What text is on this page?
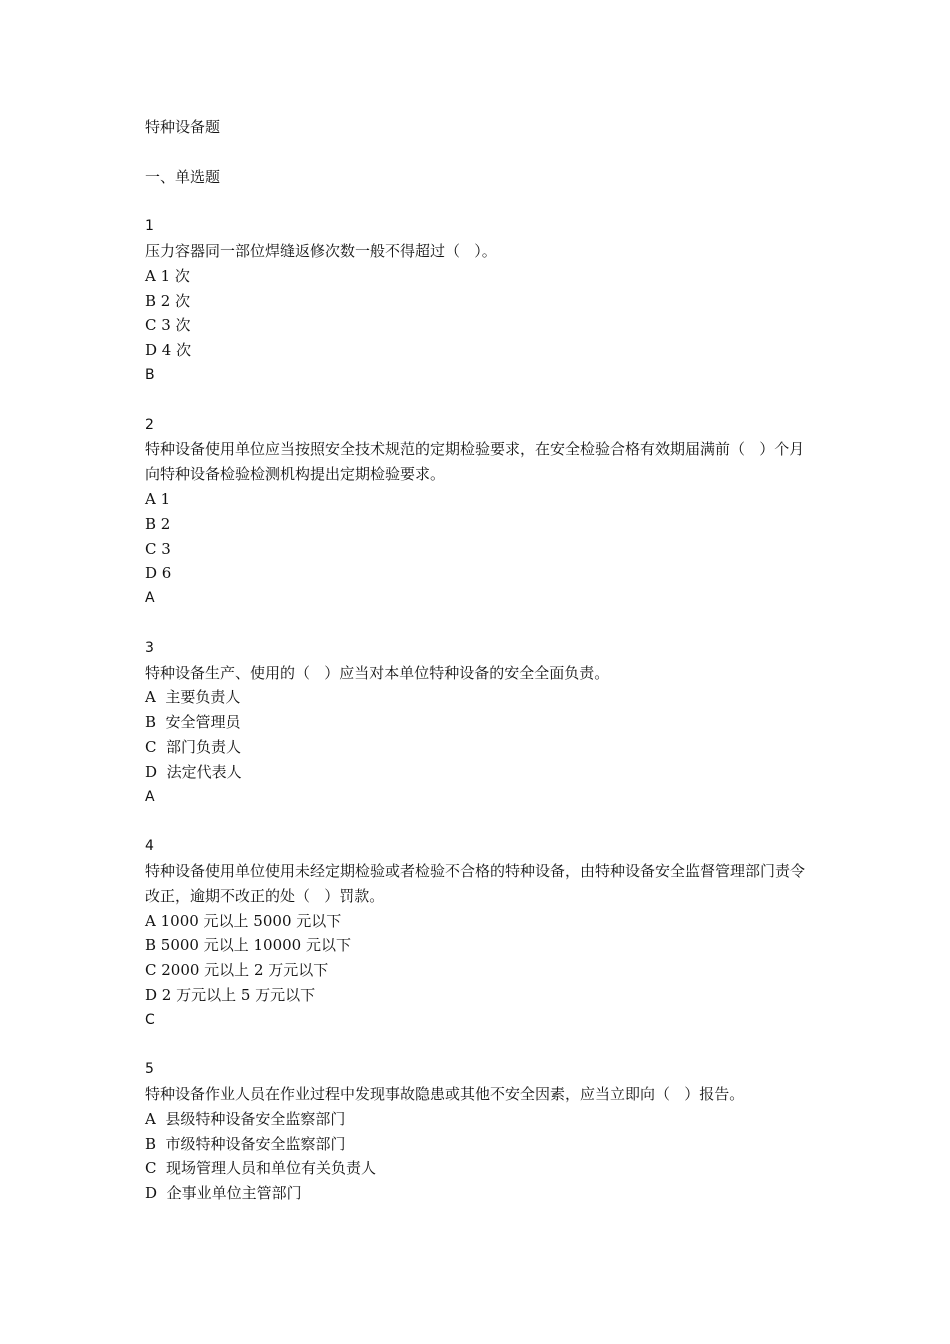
特种设备题
一、单选题
1
压力容器同一部位焊缝返修次数一般不得超过（   ）。
A 1 次
B 2 次
C 3 次
D 4 次
B
2
特种设备使用单位应当按照安全技术规范的定期检验要求，在安全检验合格有效期届满前（   ）个月向特种设备检验检测机构提出定期检验要求。
A 1
B 2
C 3
D 6
A
3
特种设备生产、使用的（   ）应当对本单位特种设备的安全全面负责。
A  主要负责人
B  安全管理员
C  部门负责人
D  法定代表人
A
4
特种设备使用单位使用未经定期检验或者检验不合格的特种设备，由特种设备安全监督管理部门责令改正，逾期不改正的处（   ）罚款。
A 1000 元以上 5000 元以下
B 5000 元以上 10000 元以下
C 2000 元以上 2 万元以下
D 2 万元以上 5 万元以下
C
5
特种设备作业人员在作业过程中发现事故隐患或其他不安全因素，应当立即向（   ）报告。
A  县级特种设备安全监察部门
B  市级特种设备安全监察部门
C  现场管理人员和单位有关负责人
D  企事业单位主管部门
